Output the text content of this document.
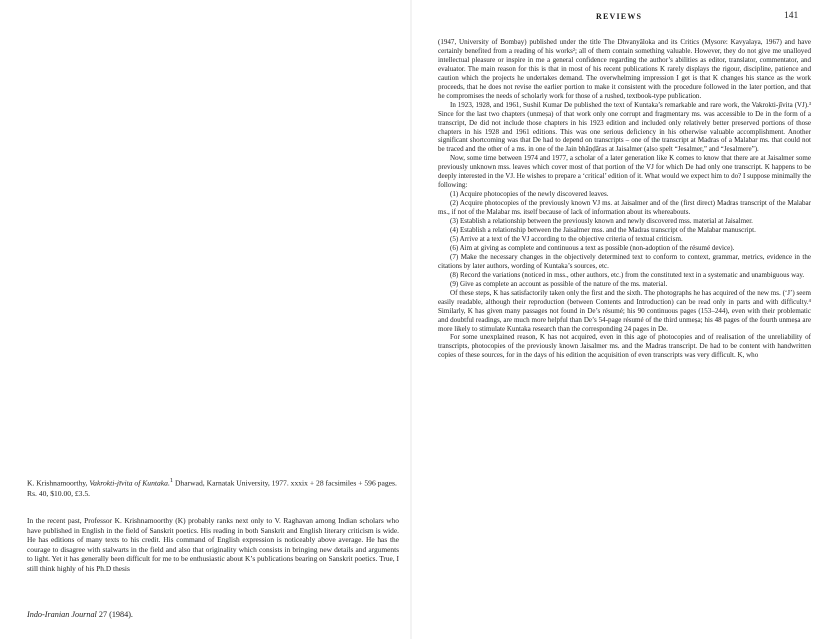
K. Krishnamoorthy, Vakrokti-jīvita of Kuntaka.$^1$ Dharwad, Karnatak University, 1977. xxxix + 28 facsimiles + 596 pages. Rs. 40, $10.00, £3.5.
In the recent past, Professor K. Krishnamoorthy (K) probably ranks next only to V. Raghavan among Indian scholars who have published in English in the field of Sanskrit poetics. His reading in both Sanskrit and English literary criticism is wide. He has editions of many texts to his credit. His command of English expression is noticeably above average. He has the courage to disagree with stalwarts in the field and also that originality which consists in bringing new details and arguments to light. Yet it has generally been difficult for me to be enthusiastic about K’s publications bearing on Sanskrit poetics. True, I still think highly of his Ph.D thesis
Indo-Iranian Journal 27 (1984).
REVIEWS	141

(1947, University of Bombay) published under the title The Dhvanyāloka and its Critics (Mysore: Kavyalaya, 1967) and have certainly benefited from a reading of his works²; all of them contain something valuable. However, they do not give me unalloyed intellectual pleasure or inspire in me a general confidence regarding the author’s abilities as editor, translator, commentator, and evaluator. The main reason for this is that in most of his recent publications K rarely displays the rigour, discipline, patience and caution which the projects he undertakes demand. The overwhelming impression I get is that K changes his stance as the work proceeds, that he does not revise the earlier portion to make it consistent with the procedure followed in the later portion, and that he compromises the needs of scholarly work for those of a rushed, textbook-type publication.

In 1923, 1928, and 1961, Sushil Kumar De published the text of Kuntaka’s remarkable and rare work, the Vakrokti-jīvita (VJ).³ Since for the last two chapters (unmeṣa) of that work only one corrupt and fragmentary ms. was accessible to De in the form of a transcript, De did not include those chapters in his 1923 edition and included only relatively better preserved portions of those chapters in his 1928 and 1961 editions. This was one serious deficiency in his otherwise valuable accomplishment. Another significant shortcoming was that De had to depend on transcripts – one of the transcript at Madras of a Malabar ms. that could not be traced and the other of a ms. in one of the Jain bhāṇḍāras at Jaisalmer (also spelt “Jesalmer,” and “Jesalmere”).

Now, some time between 1974 and 1977, a scholar of a later generation like K comes to know that there are at Jaisalmer some previously unknown mss. leaves which cover most of that portion of the VJ for which De had only one transcript. K happens to be deeply interested in the VJ. He wishes to prepare a ‘critical’ edition of it. What would we expect him to do? I suppose minimally the following:

(1) Acquire photocopies of the newly discovered leaves.

(2) Acquire photocopies of the previously known VJ ms. at Jaisalmer and of the (first direct) Madras transcript of the Malabar ms., if not of the Malabar ms. itself because of lack of information about its whereabouts.

(3) Establish a relationship between the previously known and newly discovered mss. material at Jaisalmer.

(4) Establish a relationship between the Jaisalmer mss. and the Madras transcript of the Malabar manuscript.

(5) Arrive at a text of the VJ according to the objective criteria of textual criticism.

(6) Aim at giving as complete and continuous a text as possible (non-adoption of the résumé device).

(7) Make the necessary changes in the objectively determined text to conform to context, grammar, metrics, evidence in the citations by later authors, wording of Kuntaka’s sources, etc.

(8) Record the variations (noticed in mss., other authors, etc.) from the constituted text in a systematic and unambiguous way.

(9) Give as complete an account as possible of the nature of the ms. material.

Of these steps, K has satisfactorily taken only the first and the sixth. The photographs he has acquired of the new ms. (‘J’) seem easily readable, although their reproduction (between Contents and Introduction) can be read only in parts and with difficulty.⁴ Similarly, K has given many passages not found in De’s résumé; his 90 continuous pages (153–244), even with their problematic and doubtful readings, are much more helpful than De’s 54-page résumé of the third unmeṣa; his 48 pages of the fourth unmeṣa are more likely to stimulate Kuntaka research than the corresponding 24 pages in De.

For some unexplained reason, K has not acquired, even in this age of photocopies and of realisation of the unreliability of transcripts, photocopies of the previously known Jaisalmer ms. and the Madras transcript. De had to be content with handwritten copies of these sources, for in the days of his edition the acquisition of even transcripts was very difficult. K, who
